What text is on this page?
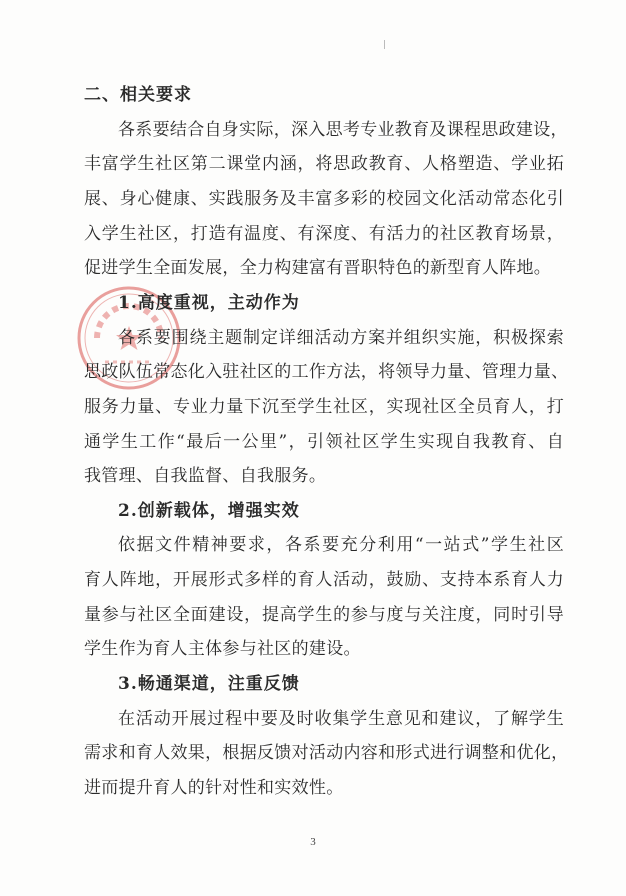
二、相关要求
各系要结合自身实际，深入思考专业教育及课程思政建设，
丰富学生社区第二课堂内涵，将思政教育、人格塑造、学业拓
展、身心健康、实践服务及丰富多彩的校园文化活动常态化引
入学生社区，打造有温度、有深度、有活力的社区教育场景，
促进学生全面发展，全力构建富有晋职特色的新型育人阵地。
1.高度重视，主动作为
各系要围绕主题制定详细活动方案并组织实施，积极探索
思政队伍常态化入驻社区的工作方法，将领导力量、管理力量、
服务力量、专业力量下沉至学生社区，实现社区全员育人，打
通学生工作“最后一公里”，引领社区学生实现自我教育、自
我管理、自我监督、自我服务。
2.创新载体，增强实效
依据文件精神要求，各系要充分利用“一站式”学生社区
育人阵地，开展形式多样的育人活动，鼓励、支持本系育人力
量参与社区全面建设，提高学生的参与度与关注度，同时引导
学生作为育人主体参与社区的建设。
3.畅通渠道，注重反馈
在活动开展过程中要及时收集学生意见和建议，了解学生
需求和育人效果，根据反馈对活动内容和形式进行调整和优化，
进而提升育人的针对性和实效性。
3
